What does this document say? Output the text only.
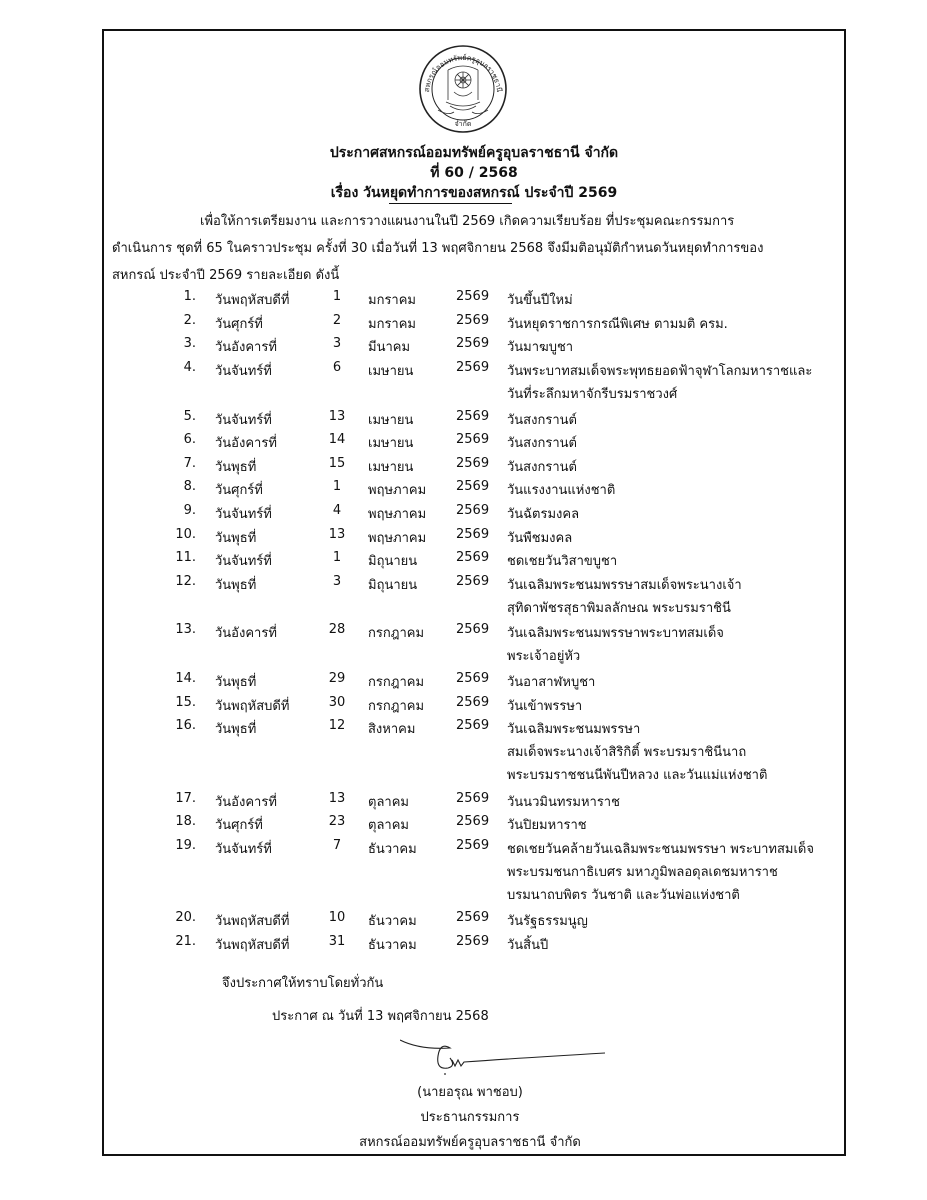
สหกรณ์ออมทรัพย์ครูอุบลราชธานี
จำกัด
ประกาศสหกรณ์ออมทรัพย์ครูอุบลราชธานี จำกัด
ที่ 60 / 2568
เรื่อง วันหยุดทำการของสหกรณ์ ประจำปี 2569
เพื่อให้การเตรียมงาน และการวางแผนงานในปี 2569 เกิดความเรียบร้อย ที่ประชุมคณะกรรมการ
ดำเนินการ ชุดที่ 65 ในคราวประชุม ครั้งที่ 30 เมื่อวันที่ 13 พฤศจิกายน 2568 จึงมีมติอนุมัติกำหนดวันหยุดทำการของ
สหกรณ์ ประจำปี 2569 รายละเอียด ดังนี้
1. วันพฤหัสบดีที่	1	มกราคม	2569 วันขึ้นปีใหม่
2. วันศุกร์ที่	2	มกราคม	2569 วันหยุดราชการกรณีพิเศษ ตามมติ ครม.
3. วันอังคารที่	3	มีนาคม	2569 วันมาฆบูชา
4. วันจันทร์ที่	6	เมษายน	2569 วันพระบาทสมเด็จพระพุทธยอดฟ้าจุฬาโลกมหาราชและ
วันที่ระลึกมหาจักรีบรมราชวงศ์
5. วันจันทร์ที่	13	เมษายน	2569 วันสงกรานต์
6. วันอังคารที่	14	เมษายน	2569 วันสงกรานต์
7. วันพุธที่	15	เมษายน	2569 วันสงกรานต์
8. วันศุกร์ที่	1	พฤษภาคม 2569 วันแรงงานแห่งชาติ
9. วันจันทร์ที่	4	พฤษภาคม 2569 วันฉัตรมงคล
10. วันพุธที่	13	พฤษภาคม 2569 วันพืชมงคล
11. วันจันทร์ที่	1	มิถุนายน	2569 ชดเชยวันวิสาขบูชา
12. วันพุธที่	3	มิถุนายน	2569 วันเฉลิมพระชนมพรรษาสมเด็จพระนางเจ้า
สุทิดาพัชรสุธาพิมลลักษณ พระบรมราชินี
13. วันอังคารที่	28	กรกฎาคม 2569 วันเฉลิมพระชนมพรรษาพระบาทสมเด็จ
พระเจ้าอยู่หัว
14. วันพุธที่	29	กรกฎาคม 2569 วันอาสาฬหบูชา
15. วันพฤหัสบดีที่	30	กรกฎาคม 2569 วันเข้าพรรษา
16. วันพุธที่	12	สิงหาคม	2569 วันเฉลิมพระชนมพรรษา
สมเด็จพระนางเจ้าสิริกิติ์ พระบรมราชินีนาถ
พระบรมราชชนนีพันปีหลวง และวันแม่แห่งชาติ
17. วันอังคารที่	13	ตุลาคม	2569 วันนวมินทรมหาราช
18. วันศุกร์ที่	23	ตุลาคม	2569 วันปิยมหาราช
19. วันจันทร์ที่	7	ธันวาคม	2569 ชดเชยวันคล้ายวันเฉลิมพระชนมพรรษา พระบาทสมเด็จ
พระบรมชนกาธิเบศร มหาภูมิพลอดุลเดชมหาราช
บรมนาถบพิตร วันชาติ และวันพ่อแห่งชาติ
20. วันพฤหัสบดีที่	10	ธันวาคม	2569 วันรัฐธรรมนูญ
21. วันพฤหัสบดีที่	31	ธันวาคม	2569 วันสิ้นปี
จึงประกาศให้ทราบโดยทั่วกัน
ประกาศ ณ วันที่ 13 พฤศจิกายน 2568
(นายอรุณ พาชอบ)
ประธานกรรมการ
สหกรณ์ออมทรัพย์ครูอุบลราชธานี จำกัด
